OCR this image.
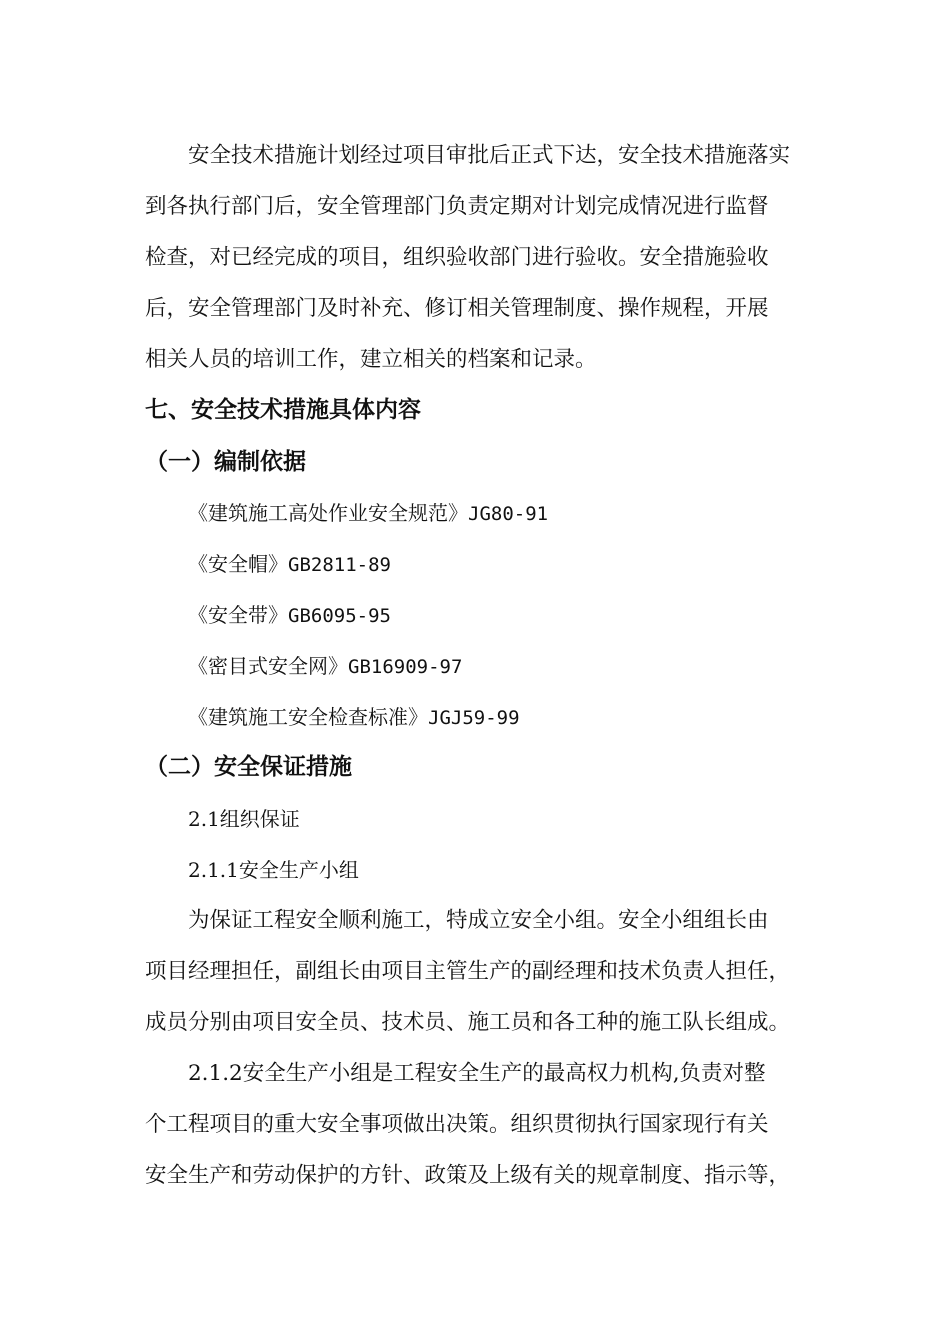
安全技术措施计划经过项目审批后正式下达，安全技术措施落实
到各执行部门后，安全管理部门负责定期对计划完成情况进行监督
检查，对已经完成的项目，组织验收部门进行验收。安全措施验收
后，安全管理部门及时补充、修订相关管理制度、操作规程，开展
相关人员的培训工作，建立相关的档案和记录。
七、安全技术措施具体内容
（一）编制依据
《建筑施工高处作业安全规范》JG80-91
《安全帽》GB2811-89
《安全带》GB6095-95
《密目式安全网》GB16909-97
《建筑施工安全检查标准》JGJ59-99
（二）安全保证措施
2.1组织保证
2.1.1安全生产小组
为保证工程安全顺利施工，特成立安全小组。安全小组组长由
项目经理担任，副组长由项目主管生产的副经理和技术负责人担任，
成员分别由项目安全员、技术员、施工员和各工种的施工队长组成。
2.1.2安全生产小组是工程安全生产的最高权力机构,负责对整
个工程项目的重大安全事项做出决策。组织贯彻执行国家现行有关
安全生产和劳动保护的方针、政策及上级有关的规章制度、指示等，
